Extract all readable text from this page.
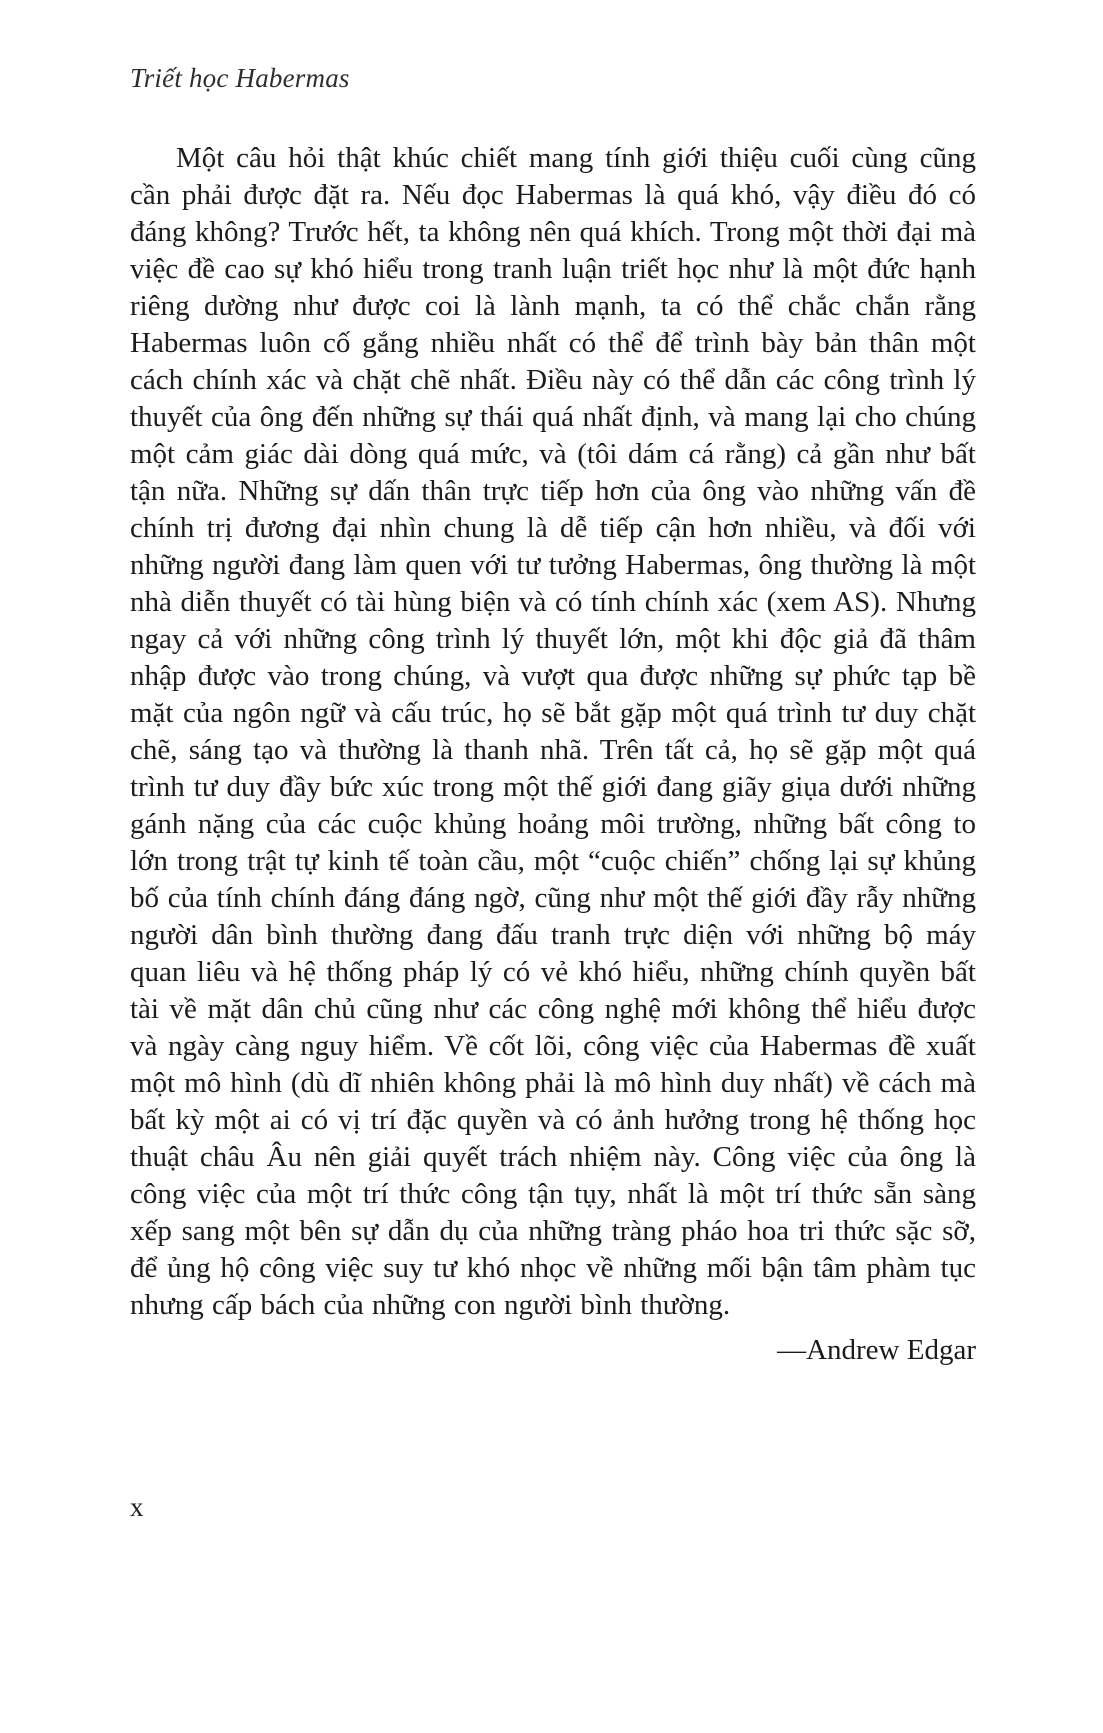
Triết học Habermas

Một câu hỏi thật khúc chiết mang tính giới thiệu cuối cùng cũng cần phải được đặt ra. Nếu đọc Habermas là quá khó, vậy điều đó có đáng không? Trước hết, ta không nên quá khích. Trong một thời đại mà việc đề cao sự khó hiểu trong tranh luận triết học như là một đức hạnh riêng dường như được coi là lành mạnh, ta có thể chắc chắn rằng Habermas luôn cố gắng nhiều nhất có thể để trình bày bản thân một cách chính xác và chặt chẽ nhất. Điều này có thể dẫn các công trình lý thuyết của ông đến những sự thái quá nhất định, và mang lại cho chúng một cảm giác dài dòng quá mức, và (tôi dám cá rằng) cả gần như bất tận nữa. Những sự dấn thân trực tiếp hơn của ông vào những vấn đề chính trị đương đại nhìn chung là dễ tiếp cận hơn nhiều, và đối với những người đang làm quen với tư tưởng Habermas, ông thường là một nhà diễn thuyết có tài hùng biện và có tính chính xác (xem AS). Nhưng ngay cả với những công trình lý thuyết lớn, một khi độc giả đã thâm nhập được vào trong chúng, và vượt qua được những sự phức tạp bề mặt của ngôn ngữ và cấu trúc, họ sẽ bắt gặp một quá trình tư duy chặt chẽ, sáng tạo và thường là thanh nhã. Trên tất cả, họ sẽ gặp một quá trình tư duy đầy bức xúc trong một thế giới đang giãy giụa dưới những gánh nặng của các cuộc khủng hoảng môi trường, những bất công to lớn trong trật tự kinh tế toàn cầu, một “cuộc chiến” chống lại sự khủng bố của tính chính đáng đáng ngờ, cũng như một thế giới đầy rẫy những người dân bình thường đang đấu tranh trực diện với những bộ máy quan liêu và hệ thống pháp lý có vẻ khó hiểu, những chính quyền bất tài về mặt dân chủ cũng như các công nghệ mới không thể hiểu được và ngày càng nguy hiểm. Về cốt lõi, công việc của Habermas đề xuất một mô hình (dù dĩ nhiên không phải là mô hình duy nhất) về cách mà bất kỳ một ai có vị trí đặc quyền và có ảnh hưởng trong hệ thống học thuật châu Âu nên giải quyết trách nhiệm này. Công việc của ông là công việc của một trí thức công tận tụy, nhất là một trí thức sẵn sàng xếp sang một bên sự dẫn dụ của những tràng pháo hoa tri thức sặc sỡ, để ủng hộ công việc suy tư khó nhọc về những mối bận tâm phàm tục nhưng cấp bách của những con người bình thường.

—Andrew Edgar
x
